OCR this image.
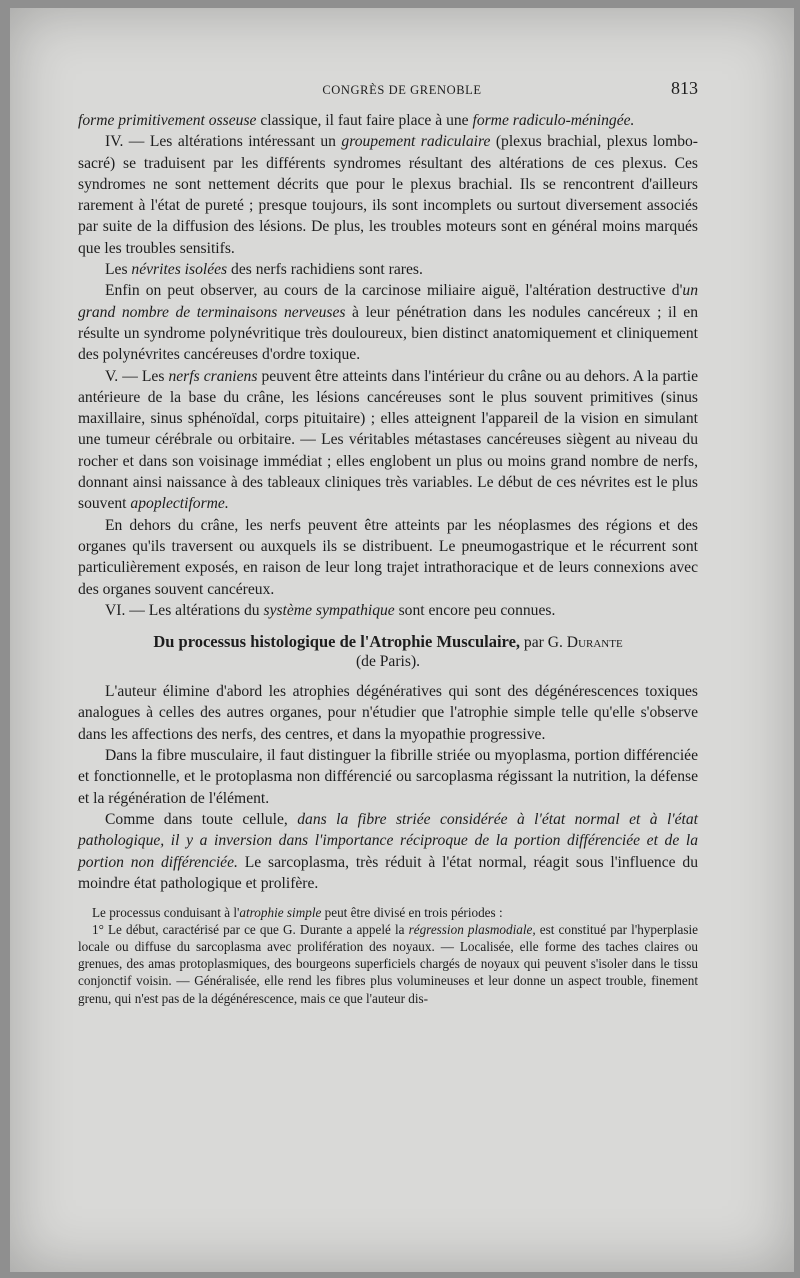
CONGRÈS DE GRENOBLE	813

forme primitivement osseuse classique, il faut faire place à une forme radiculo-méningée.

IV. — Les altérations intéressant un groupement radiculaire (plexus brachial, plexus lombo-sacré) se traduisent par les différents syndromes résultant des altérations de ces plexus. Ces syndromes ne sont nettement décrits que pour le plexus brachial. Ils se rencontrent d'ailleurs rarement à l'état de pureté ; presque toujours, ils sont incomplets ou surtout diversement associés par suite de la diffusion des lésions. De plus, les troubles moteurs sont en général moins marqués que les troubles sensitifs.

Les névrites isolées des nerfs rachidiens sont rares.

Enfin on peut observer, au cours de la carcinose miliaire aiguë, l'altération destructive d'un grand nombre de terminaisons nerveuses à leur pénétration dans les nodules cancéreux ; il en résulte un syndrome polynévritique très douloureux, bien distinct anatomiquement et cliniquement des polynévrites cancéreuses d'ordre toxique.

V. — Les nerfs craniens peuvent être atteints dans l'intérieur du crâne ou au dehors. A la partie antérieure de la base du crâne, les lésions cancéreuses sont le plus souvent primitives (sinus maxillaire, sinus sphénoïdal, corps pituitaire) ; elles atteignent l'appareil de la vision en simulant une tumeur cérébrale ou orbitaire. — Les véritables métastases cancéreuses siègent au niveau du rocher et dans son voisinage immédiat ; elles englobent un plus ou moins grand nombre de nerfs, donnant ainsi naissance à des tableaux cliniques très variables. Le début de ces névrites est le plus souvent apoplectiforme.

En dehors du crâne, les nerfs peuvent être atteints par les néoplasmes des régions et des organes qu'ils traversent ou auxquels ils se distribuent. Le pneumogastrique et le récurrent sont particulièrement exposés, en raison de leur long trajet intrathoracique et de leurs connexions avec des organes souvent cancéreux.

VI. — Les altérations du système sympathique sont encore peu connues.

Du processus histologique de l'Atrophie Musculaire, par G. Durante
(de Paris).

L'auteur élimine d'abord les atrophies dégénératives qui sont des dégénérescences toxiques analogues à celles des autres organes, pour n'étudier que l'atrophie simple telle qu'elle s'observe dans les affections des nerfs, des centres, et dans la myopathie progressive.

Dans la fibre musculaire, il faut distinguer la fibrille striée ou myoplasma, portion différenciée et fonctionnelle, et le protoplasma non différencié ou sarcoplasma régissant la nutrition, la défense et la régénération de l'élément.

Comme dans toute cellule, dans la fibre striée considérée à l'état normal et à l'état pathologique, il y a inversion dans l'importance réciproque de la portion différenciée et de la portion non différenciée. Le sarcoplasma, très réduit à l'état normal, réagit sous l'influence du moindre état pathologique et prolifère.

Le processus conduisant à l'atrophie simple peut être divisé en trois périodes :

1° Le début, caractérisé par ce que G. Durante a appelé la régression plasmodiale, est constitué par l'hyperplasie locale ou diffuse du sarcoplasma avec prolifération des noyaux. — Localisée, elle forme des taches claires ou grenues, des amas protoplasmiques, des bourgeons superficiels chargés de noyaux qui peuvent s'isoler dans le tissu conjonctif voisin. — Généralisée, elle rend les fibres plus volumineuses et leur donne un aspect trouble, finement grenu, qui n'est pas de la dégénérescence, mais ce que l'auteur dis-
